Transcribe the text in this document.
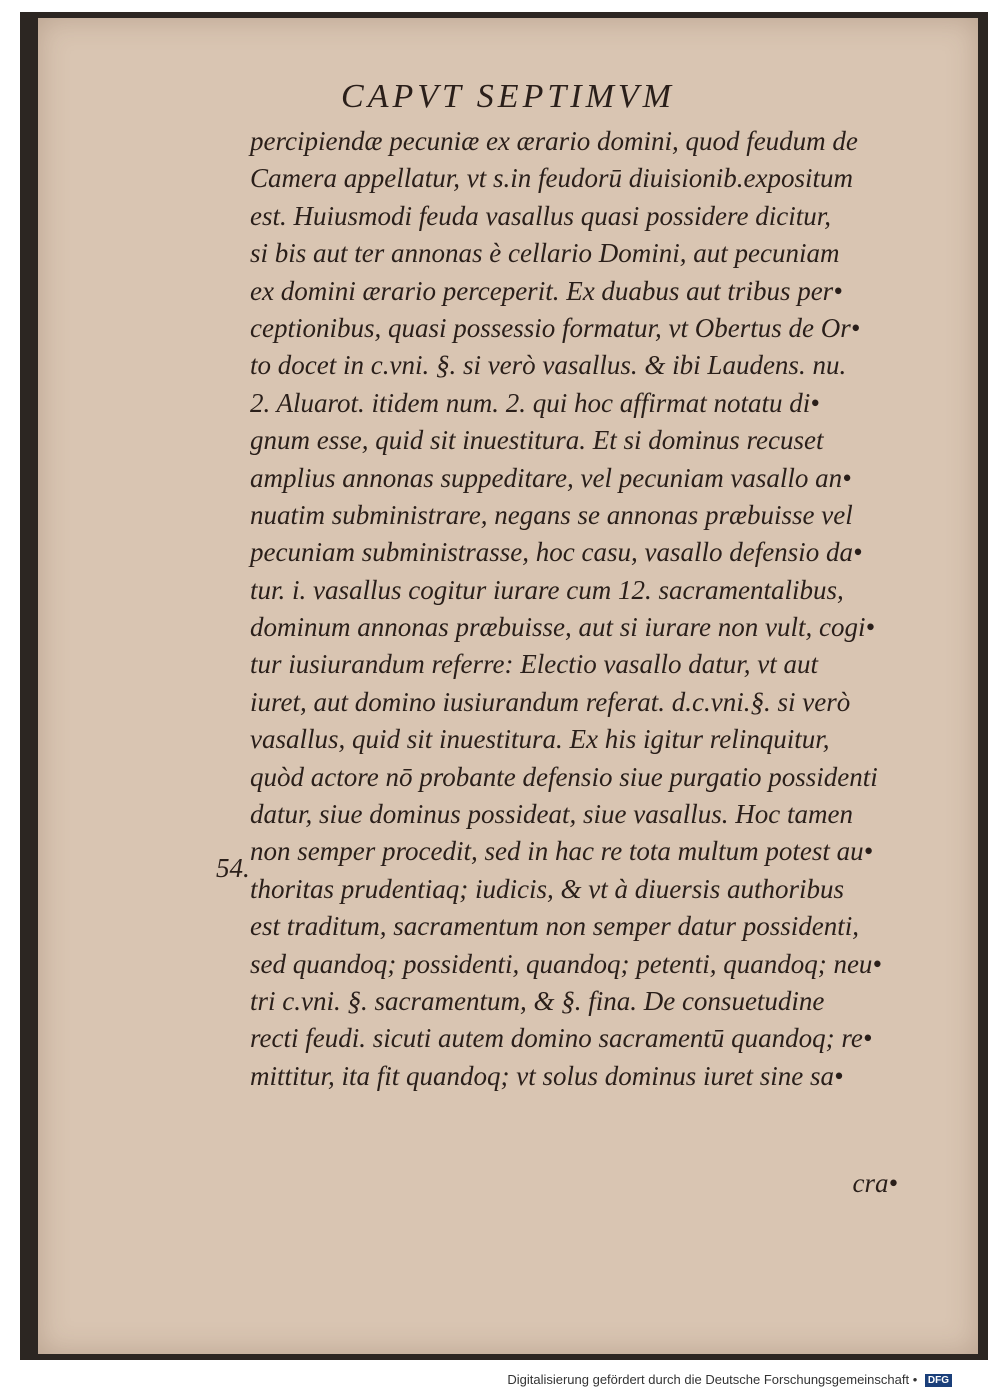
CAPVT SEPTIMVM
percipiendæ pecuniæ ex ærario domini, quod feudum de
Camera appellatur, vt s.in feudorū diuisionib.expositum
est. Huiusmodi feuda vasallus quasi possidere dicitur,
si bis aut ter annonas è cellario Domini, aut pecuniam
ex domini ærario perceperit. Ex duabus aut tribus per•
ceptionibus, quasi possessio formatur, vt Obertus de Or•
to docet in c.vni. §. si verò vasallus. & ibi Laudens. nu.
2. Aluarot. itidem num. 2. qui hoc affirmat notatu di•
gnum esse, quid sit inuestitura. Et si dominus recuset
amplius annonas suppeditare, vel pecuniam vasallo an•
nuatim subministrare, negans se annonas præbuisse vel
pecuniam subministrasse, hoc casu, vasallo defensio da•
tur. i. vasallus cogitur iurare cum 12. sacramentalibus,
dominum annonas præbuisse, aut si iurare non vult, cogi•
tur iusiurandum referre: Electio vasallo datur, vt aut
iuret, aut domino iusiurandum referat. d.c.vni.§. si verò
vasallus, quid sit inuestitura. Ex his igitur relinquitur,
quòd actore nō probante defensio siue purgatio possidenti
datur, siue dominus possideat, siue vasallus. Hoc tamen
non semper procedit, sed in hac re tota multum potest au•
thoritas prudentiaq; iudicis, & vt à diuersis authoribus
est traditum, sacramentum non semper datur possidenti,
sed quandoq; possidenti, quandoq; petenti, quandoq; neu•
tri c.vni. §. sacramentum, & §. fina. De consuetudine
recti feudi. sicuti autem domino sacramentū quandoq; re•
mittitur, ita fit quandoq; vt solus dominus iuret sine sa•
54.
cra•
Digitalisierung gefördert durch die Deutsche Forschungsgemeinschaft • DFG
